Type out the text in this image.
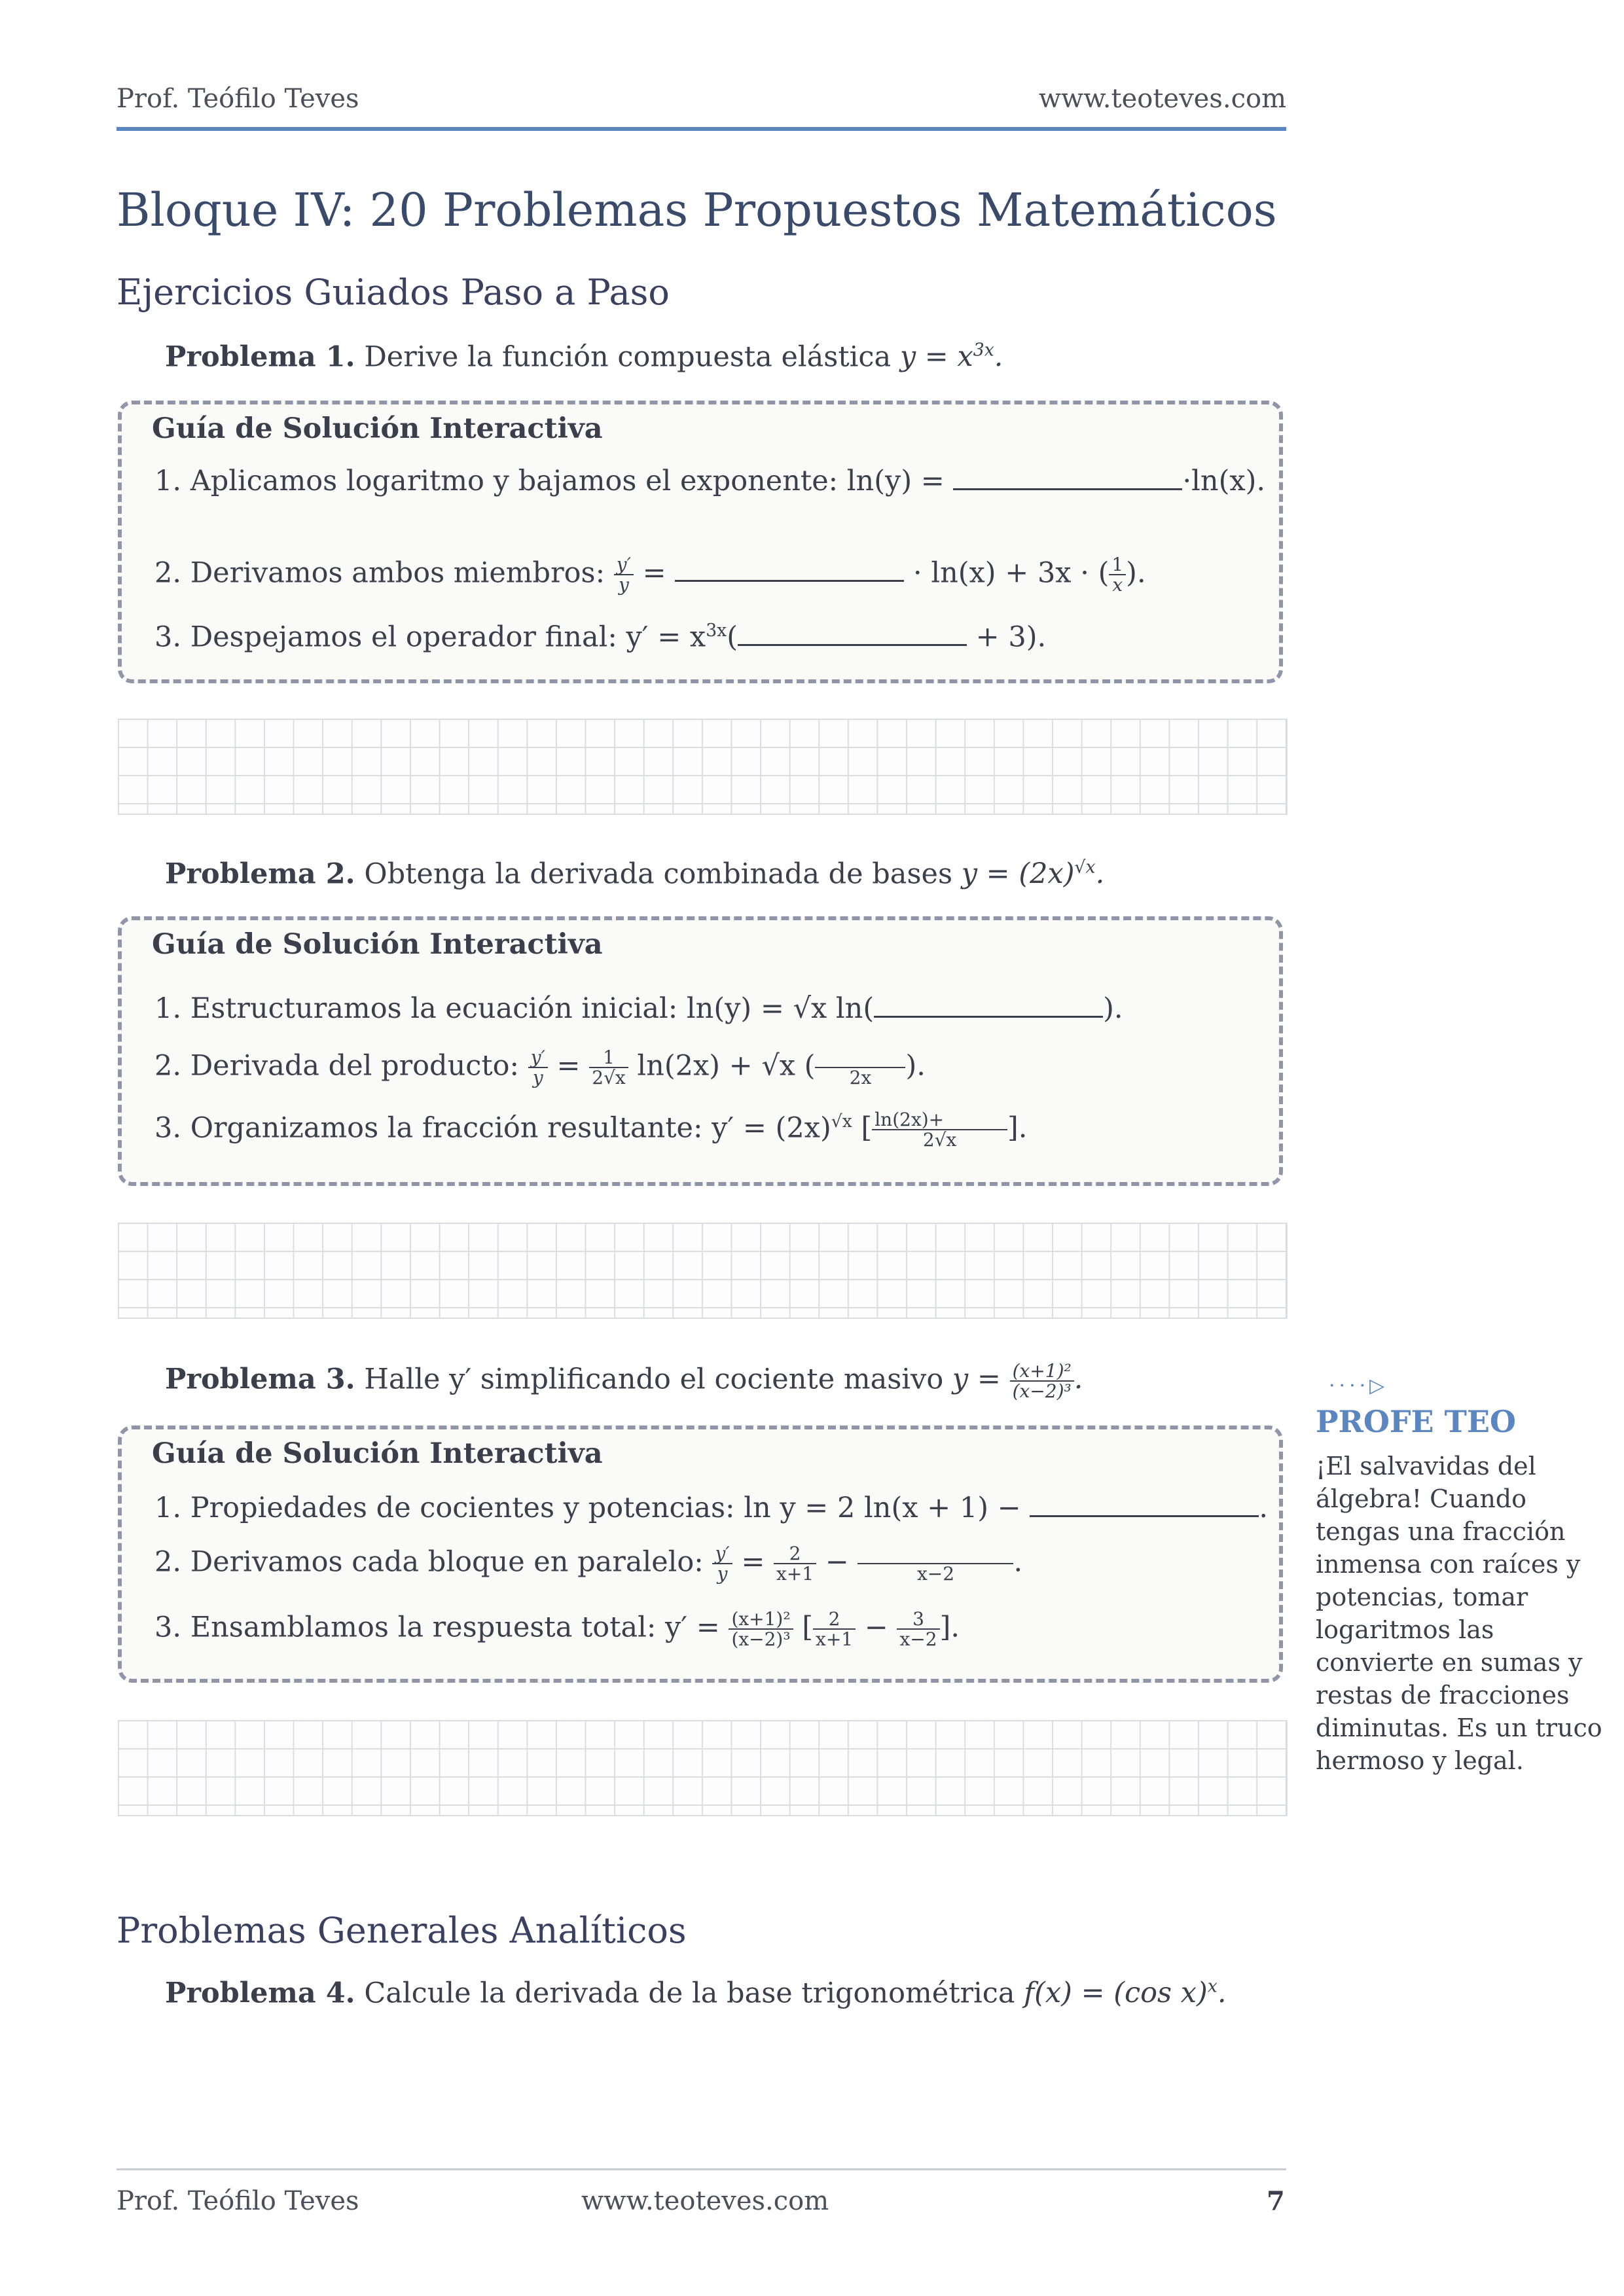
Prof. Teófilo Teves	www.teoteves.com
Bloque IV: 20 Problemas Propuestos Matemáticos
Ejercicios Guiados Paso a Paso
Problema 1. Derive la función compuesta elástica $y = x^{3x}$.
Guía de Solución Interactiva
1. Aplicamos logaritmo y bajamos el exponente: ln(y) =	·ln(x).
2. Derivamos ambos miembros: $\frac{y'}{y}$ =	· ln(x) + 3x · ( $\frac{1}{x}$ ).
3. Despejamos el operador final: $y' = x^{3x}$(	+ 3).
Problema 2. Obtenga la derivada combinada de bases $y = (2x)^{√x}$.
Guía de Solución Interactiva
1. Estructuramos la ecuación inicial: ln(y) = √x ln(	).
2. Derivada del producto: $\frac{y'}{y} = \frac{1}{2√x} \ln(2x) + √x$ (
	2x	).
3. Organizamos la fracción resultante: $y' = (2x)^{√x}$ [ $\frac{\ln(2x)+ \_\_\_\_\_\_}{2√x}$ ].
Problema 3. Halle y′ simplificando el cociente masivo $y = \frac{\text{(x+1)²}}{\text{(x−2)³}}$ .
Guía de Solución Interactiva
1. Propiedades de cocientes y potencias: ln y = 2 ln(x + 1) −	.
2. Derivamos cada bloque en paralelo: $\frac{y'}{y} = \frac{2}{x+1}$ −
	x−2	.
3. Ensamblamos la respuesta total: $y' = \frac{\text{(x+1)²}}{\text{(x−2)³}}$ [ $\frac{2}{x+1} - \frac{3}{x-2}$ ].
····▷
PROFE TEO
¡El salvavidas del álgebra! Cuando tengas una fracción inmensa con raíces y potencias, tomar logaritmos las convierte en sumas y restas de fracciones diminutas. Es un truco hermoso y legal.
Problemas Generales Analíticos
Problema 4. Calcule la derivada de la base trigonométrica f(x) = (cos x)$^x$.
Prof. Teófilo Teves	www.teoteves.com	7
